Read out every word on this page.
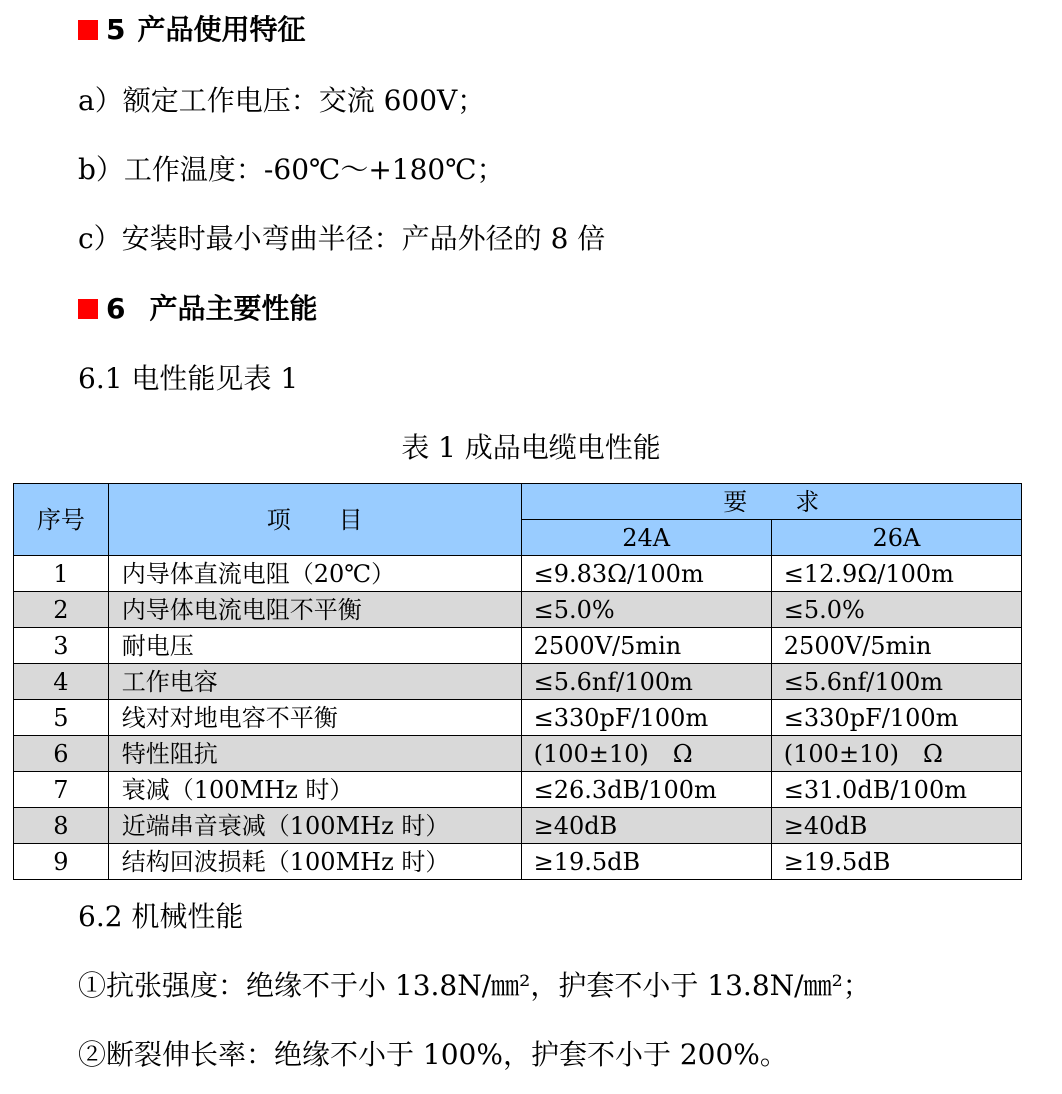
5 产品使用特征
a）额定工作电压：交流 600V；
b）工作温度：-60℃～+180℃；
c）安装时最小弯曲半径：产品外径的 8 倍
6 产品主要性能
6.1 电性能见表 1
表 1 成品电缆电性能
序号	项　　目	要　　求	
		24A	26A
1	内导体直流电阻（20℃）	≤9.83Ω/100m	≤12.9Ω/100m
2	内导体电流电阻不平衡	≤5.0%	≤5.0%
3	耐电压	2500V/5min	2500V/5min
4	工作电容	≤5.6nf/100m	≤5.6nf/100m
5	线对对地电容不平衡	≤330pF/100m	≤330pF/100m
6	特性阻抗	(100±10)　Ω	(100±10)　Ω
7	衰减（100MHz 时）	≤26.3dB/100m	≤31.0dB/100m
8	近端串音衰减（100MHz 时）	≥40dB	≥40dB
9	结构回波损耗（100MHz 时）	≥19.5dB	≥19.5dB
6.2 机械性能
①抗张强度：绝缘不于小 13.8N/㎜²，护套不小于 13.8N/㎜²；
②断裂伸长率：绝缘不小于 100%，护套不小于 200%。
